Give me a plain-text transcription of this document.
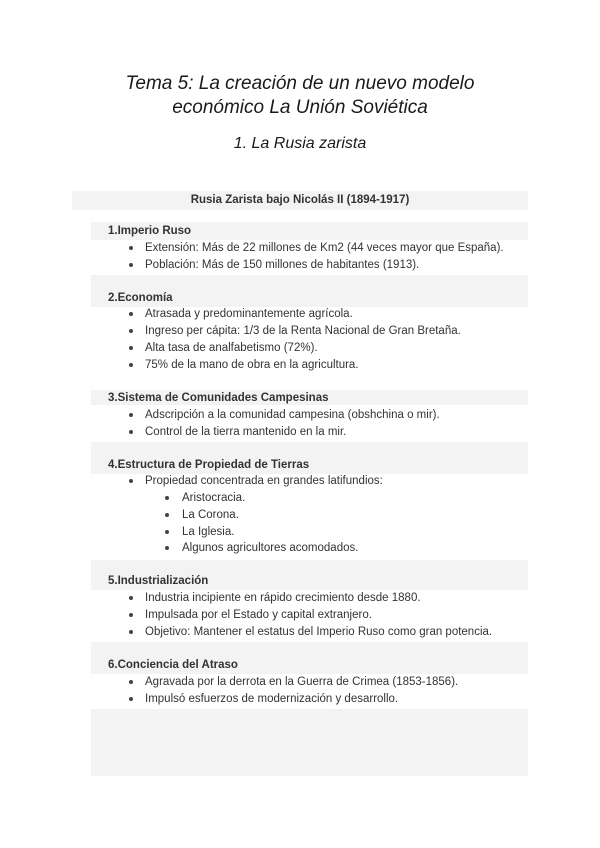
Tema 5: La creación de un nuevo modelo
económico La Unión Soviética
1. La Rusia zarista
Rusia Zarista bajo Nicolás II (1894-1917)
1.Imperio Ruso
Extensión: Más de 22 millones de Km2 (44 veces mayor que España).
Población: Más de 150 millones de habitantes (1913).
2.Economía
Atrasada y predominantemente agrícola.
Ingreso per cápita: 1/3 de la Renta Nacional de Gran Bretaña.
Alta tasa de analfabetismo (72%).
75% de la mano de obra en la agricultura.
3.Sistema de Comunidades Campesinas
Adscripción a la comunidad campesina (obshchina o mir).
Control de la tierra mantenido en la mir.
4.Estructura de Propiedad de Tierras
Propiedad concentrada en grandes latifundios:
Aristocracia.
La Corona.
La Iglesia.
Algunos agricultores acomodados.
5.Industrialización
Industria incipiente en rápido crecimiento desde 1880.
Impulsada por el Estado y capital extranjero.
Objetivo: Mantener el estatus del Imperio Ruso como gran potencia.
6.Conciencia del Atraso
Agravada por la derrota en la Guerra de Crimea (1853-1856).
Impulsó esfuerzos de modernización y desarrollo.
